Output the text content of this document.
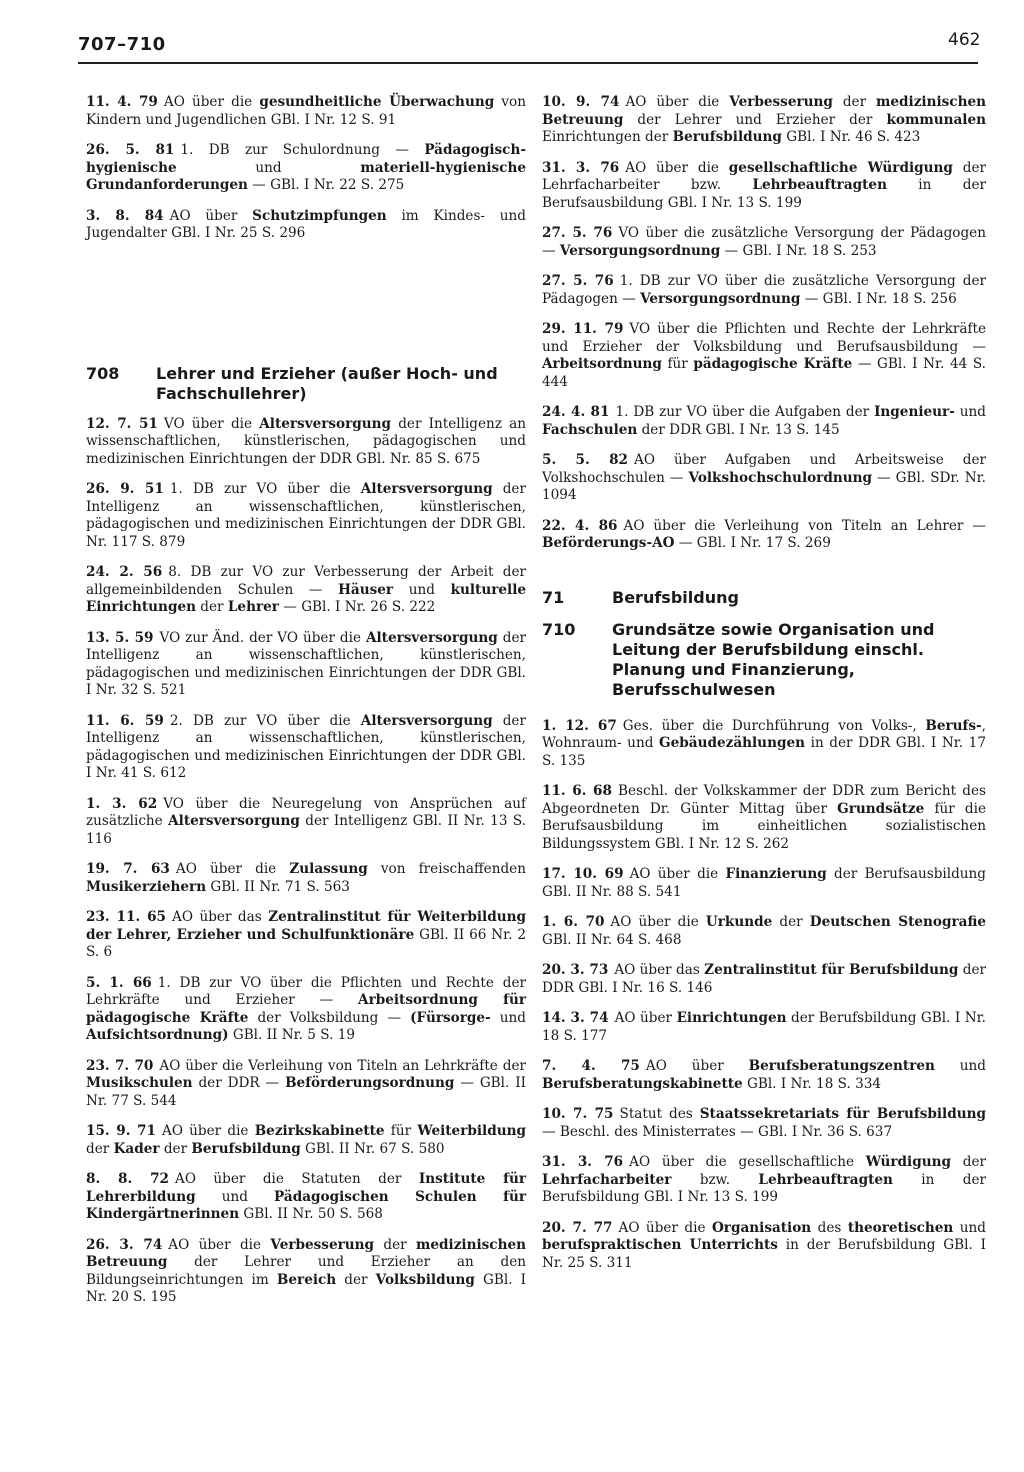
707–710	462
11. 4. 79 AO über die gesundheitliche Überwachung von Kindern und Jugendlichen GBl. I Nr. 12 S. 91
26. 5. 81 1. DB zur Schulordnung — Pädagogisch-hygienische und materiell-hygienische Grundanforderungen — GBl. I Nr. 22 S. 275
3. 8. 84 AO über Schutzimpfungen im Kindes- und Jugendalter GBl. I Nr. 25 S. 296
708	Lehrer und Erzieher (außer Hoch- und Fachschullehrer)
12. 7. 51 VO über die Altersversorgung der Intelligenz an wissenschaftlichen, künstlerischen, pädagogischen und medizinischen Einrichtungen der DDR GBl. Nr. 85 S. 675
26. 9. 51 1. DB zur VO über die Altersversorgung der Intelligenz an wissenschaftlichen, künstlerischen, pädagogischen und medizinischen Einrichtungen der DDR GBl. Nr. 117 S. 879
24. 2. 56 8. DB zur VO zur Verbesserung der Arbeit der allgemeinbildenden Schulen — Häuser und kulturelle Einrichtungen der Lehrer — GBl. I Nr. 26 S. 222
13. 5. 59 VO zur Änd. der VO über die Altersversorgung der Intelligenz an wissenschaftlichen, künstlerischen, pädagogischen und medizinischen Einrichtungen der DDR GBl. I Nr. 32 S. 521
11. 6. 59 2. DB zur VO über die Altersversorgung der Intelligenz an wissenschaftlichen, künstlerischen, pädagogischen und medizinischen Einrichtungen der DDR GBl. I Nr. 41 S. 612
1. 3. 62 VO über die Neuregelung von Ansprüchen auf zusätzliche Altersversorgung der Intelligenz GBl. II Nr. 13 S. 116
19. 7. 63 AO über die Zulassung von freischaffenden Musikerziehern GBl. II Nr. 71 S. 563
23. 11. 65 AO über das Zentralinstitut für Weiterbildung der Lehrer, Erzieher und Schulfunktionäre GBl. II 66 Nr. 2 S. 6
5. 1. 66 1. DB zur VO über die Pflichten und Rechte der Lehrkräfte und Erzieher — Arbeitsordnung für pädagogische Kräfte der Volksbildung — (Fürsorge- und Aufsichtsordnung) GBl. II Nr. 5 S. 19
23. 7. 70 AO über die Verleihung von Titeln an Lehrkräfte der Musikschulen der DDR — Beförderungsordnung — GBl. II Nr. 77 S. 544
15. 9. 71 AO über die Bezirkskabinette für Weiterbildung der Kader der Berufsbildung GBl. II Nr. 67 S. 580
8. 8. 72 AO über die Statuten der Institute für Lehrerbildung und Pädagogischen Schulen für Kindergärtnerinnen GBl. II Nr. 50 S. 568
26. 3. 74 AO über die Verbesserung der medizinischen Betreuung der Lehrer und Erzieher an den Bildungseinrichtungen im Bereich der Volksbildung GBl. I Nr. 20 S. 195
10. 9. 74 AO über die Verbesserung der medizinischen Betreuung der Lehrer und Erzieher der kommunalen Einrichtungen der Berufsbildung GBl. I Nr. 46 S. 423
31. 3. 76 AO über die gesellschaftliche Würdigung der Lehrfacharbeiter bzw. Lehrbeauftragten in der Berufsausbildung GBl. I Nr. 13 S. 199
27. 5. 76 VO über die zusätzliche Versorgung der Pädagogen — Versorgungsordnung — GBl. I Nr. 18 S. 253
27. 5. 76 1. DB zur VO über die zusätzliche Versorgung der Pädagogen — Versorgungsordnung — GBl. I Nr. 18 S. 256
29. 11. 79 VO über die Pflichten und Rechte der Lehrkräfte und Erzieher der Volksbildung und Berufsausbildung — Arbeitsordnung für pädagogische Kräfte — GBl. I Nr. 44 S. 444
24. 4. 81 1. DB zur VO über die Aufgaben der Ingenieur- und Fachschulen der DDR GBl. I Nr. 13 S. 145
5. 5. 82 AO über Aufgaben und Arbeitsweise der Volkshochschulen — Volkshochschulordnung — GBl. SDr. Nr. 1094
22. 4. 86 AO über die Verleihung von Titeln an Lehrer — Beförderungs-AO — GBl. I Nr. 17 S. 269
71	Berufsbildung
710	Grundsätze sowie Organisation und Leitung der Berufsbildung einschl. Planung und Finanzierung, Berufsschulwesen
1. 12. 67 Ges. über die Durchführung von Volks-, Berufs-, Wohnraum- und Gebäudezählungen in der DDR GBl. I Nr. 17 S. 135
11. 6. 68 Beschl. der Volkskammer der DDR zum Bericht des Abgeordneten Dr. Günter Mittag über Grundsätze für die Berufsausbildung im einheitlichen sozialistischen Bildungssystem GBl. I Nr. 12 S. 262
17. 10. 69 AO über die Finanzierung der Berufsausbildung GBl. II Nr. 88 S. 541
1. 6. 70 AO über die Urkunde der Deutschen Stenografie GBl. II Nr. 64 S. 468
20. 3. 73 AO über das Zentralinstitut für Berufsbildung der DDR GBl. I Nr. 16 S. 146
14. 3. 74 AO über Einrichtungen der Berufsbildung GBl. I Nr. 18 S. 177
7. 4. 75 AO über Berufsberatungszentren und Berufsberatungskabinette GBl. I Nr. 18 S. 334
10. 7. 75 Statut des Staatssekretariats für Berufsbildung — Beschl. des Ministerrates — GBl. I Nr. 36 S. 637
31. 3. 76 AO über die gesellschaftliche Würdigung der Lehrfacharbeiter bzw. Lehrbeauftragten in der Berufsbildung GBl. I Nr. 13 S. 199
20. 7. 77 AO über die Organisation des theoretischen und berufspraktischen Unterrichts in der Berufsbildung GBl. I Nr. 25 S. 311
